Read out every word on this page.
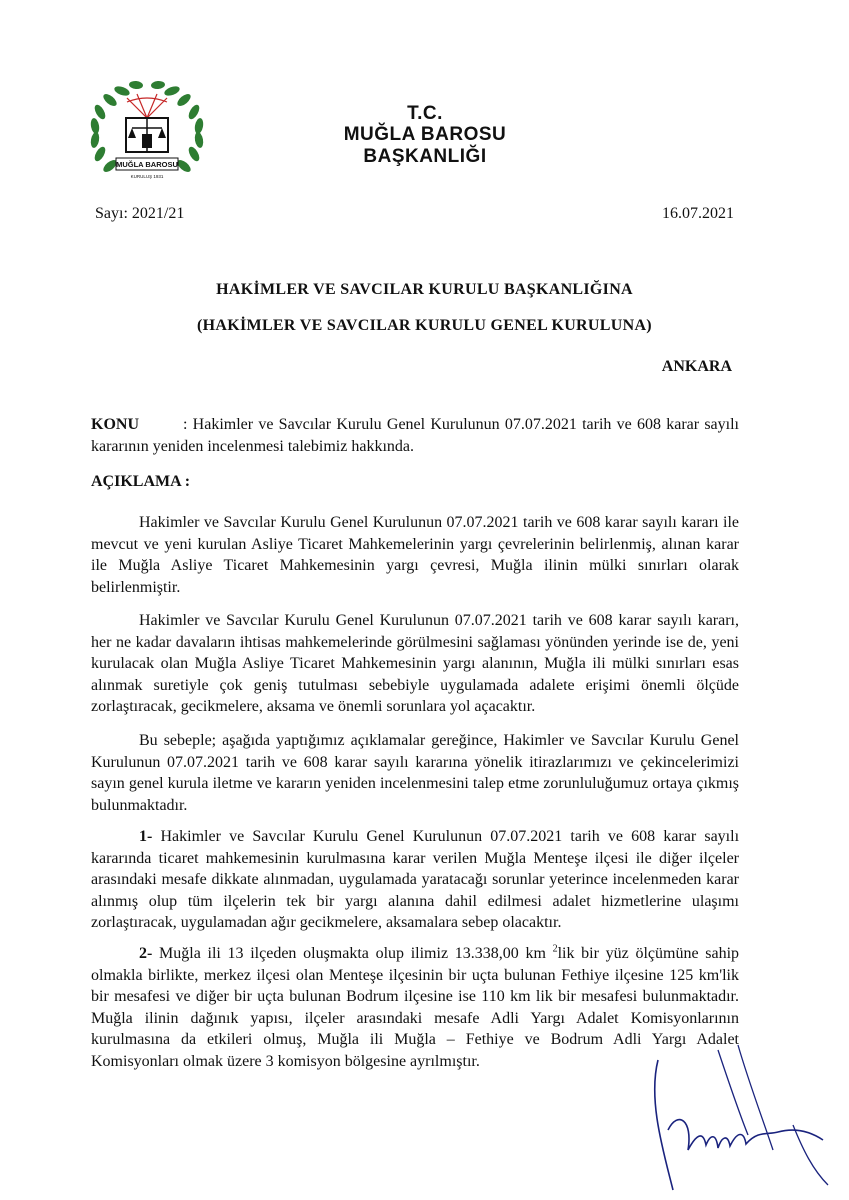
MUĞLA BAROSU
KURULUŞ 1931
T.C.
MUĞLA BAROSU BAŞKANLIĞI
Sayı: 2021/21	16.07.2021
HAKİMLER VE SAVCILAR KURULU BAŞKANLIĞINA
(HAKİMLER VE SAVCILAR KURULU GENEL KURULUNA)
ANKARA
KONU	: Hakimler ve Savcılar Kurulu Genel Kurulunun 07.07.2021 tarih ve 608 karar sayılı kararının yeniden incelenmesi talebimiz hakkında.
AÇIKLAMA :
Hakimler ve Savcılar Kurulu Genel Kurulunun 07.07.2021 tarih ve 608 karar sayılı kararı ile mevcut ve yeni kurulan Asliye Ticaret Mahkemelerinin yargı çevrelerinin belirlenmiş, alınan karar ile Muğla Asliye Ticaret Mahkemesinin yargı çevresi, Muğla ilinin mülki sınırları olarak belirlenmiştir.
Hakimler ve Savcılar Kurulu Genel Kurulunun 07.07.2021 tarih ve 608 karar sayılı kararı, her ne kadar davaların ihtisas mahkemelerinde görülmesini sağlaması yönünden yerinde ise de, yeni kurulacak olan Muğla Asliye Ticaret Mahkemesinin yargı alanının, Muğla ili mülki sınırları esas alınmak suretiyle çok geniş tutulması sebebiyle uygulamada adalete erişimi önemli ölçüde zorlaştıracak, gecikmelere, aksama ve önemli sorunlara yol açacaktır.
Bu sebeple; aşağıda yaptığımız açıklamalar gereğince, Hakimler ve Savcılar Kurulu Genel Kurulunun 07.07.2021 tarih ve 608 karar sayılı kararına yönelik itirazlarımızı ve çekincelerimizi sayın genel kurula iletme ve kararın yeniden incelenmesini talep etme zorunluluğumuz ortaya çıkmış bulunmaktadır.
1- Hakimler ve Savcılar Kurulu Genel Kurulunun 07.07.2021 tarih ve 608 karar sayılı kararında ticaret mahkemesinin kurulmasına karar verilen Muğla Menteşe ilçesi ile diğer ilçeler arasındaki mesafe dikkate alınmadan, uygulamada yaratacağı sorunlar yeterince incelenmeden karar alınmış olup tüm ilçelerin tek bir yargı alanına dahil edilmesi adalet hizmetlerine ulaşımı zorlaştıracak, uygulamadan ağır gecikmelere, aksamalara sebep olacaktır.
2- Muğla ili 13 ilçeden oluşmakta olup ilimiz 13.338,00 km $^2$lik bir yüz ölçümüne sahip olmakla birlikte, merkez ilçesi olan Menteşe ilçesinin bir uçta bulunan Fethiye ilçesine 125 km'lik bir mesafesi ve diğer bir uçta bulunan Bodrum ilçesine ise 110 km lik bir mesafesi bulunmaktadır. Muğla ilinin dağınık yapısı, ilçeler arasındaki mesafe Adli Yargı Adalet Komisyonlarının kurulmasına da etkileri olmuş, Muğla ili Muğla – Fethiye ve Bodrum Adli Yargı Adalet Komisyonları olmak üzere 3 komisyon bölgesine ayrılmıştır.
